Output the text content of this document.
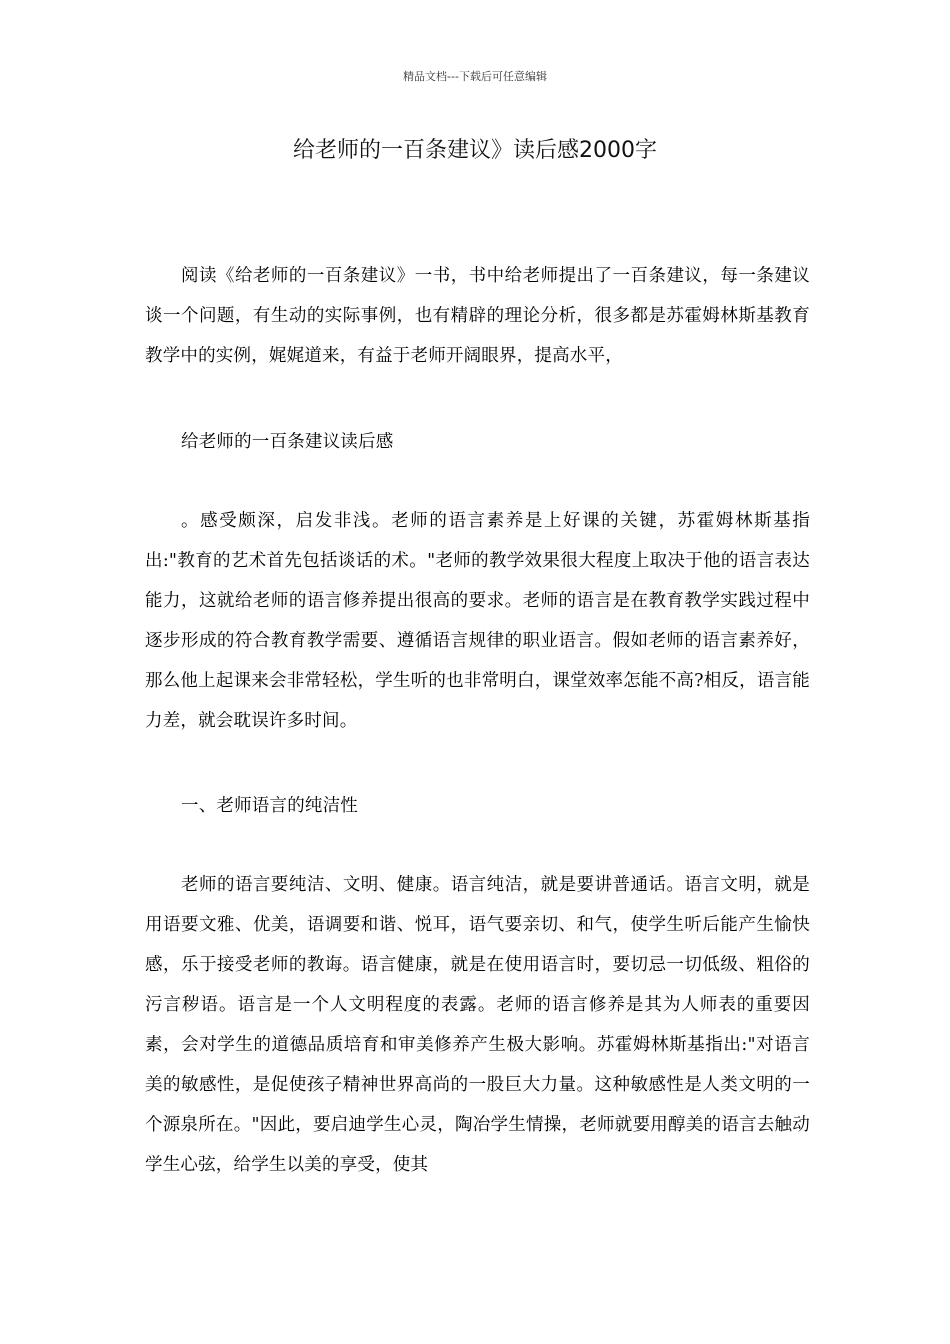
精品文档---下载后可任意编辑
给老师的一百条建议》读后感2000字

阅读《给老师的一百条建议》一书，书中给老师提出了一百条建议，每一条建议谈一个问题，有生动的实际事例，也有精辟的理论分析，很多都是苏霍姆林斯基教育教学中的实例，娓娓道来，有益于老师开阔眼界，提高水平，

给老师的一百条建议读后感

。感受颇深，启发非浅。老师的语言素养是上好课的关键，苏霍姆林斯基指出:"教育的艺术首先包括谈话的术。"老师的教学效果很大程度上取决于他的语言表达能力，这就给老师的语言修养提出很高的要求。老师的语言是在教育教学实践过程中逐步形成的符合教育教学需要、遵循语言规律的职业语言。假如老师的语言素养好，那么他上起课来会非常轻松，学生听的也非常明白，课堂效率怎能不高?相反，语言能力差，就会耽误许多时间。

一、老师语言的纯洁性

老师的语言要纯洁、文明、健康。语言纯洁，就是要讲普通话。语言文明，就是用语要文雅、优美，语调要和谐、悦耳，语气要亲切、和气，使学生听后能产生愉快感，乐于接受老师的教诲。语言健康，就是在使用语言时，要切忌一切低级、粗俗的污言秽语。语言是一个人文明程度的表露。老师的语言修养是其为人师表的重要因素，会对学生的道德品质培育和审美修养产生极大影响。苏霍姆林斯基指出:"对语言美的敏感性，是促使孩子精神世界高尚的一股巨大力量。这种敏感性是人类文明的一个源泉所在。"因此，要启迪学生心灵，陶冶学生情操，老师就要用醇美的语言去触动学生心弦，给学生以美的享受，使其
